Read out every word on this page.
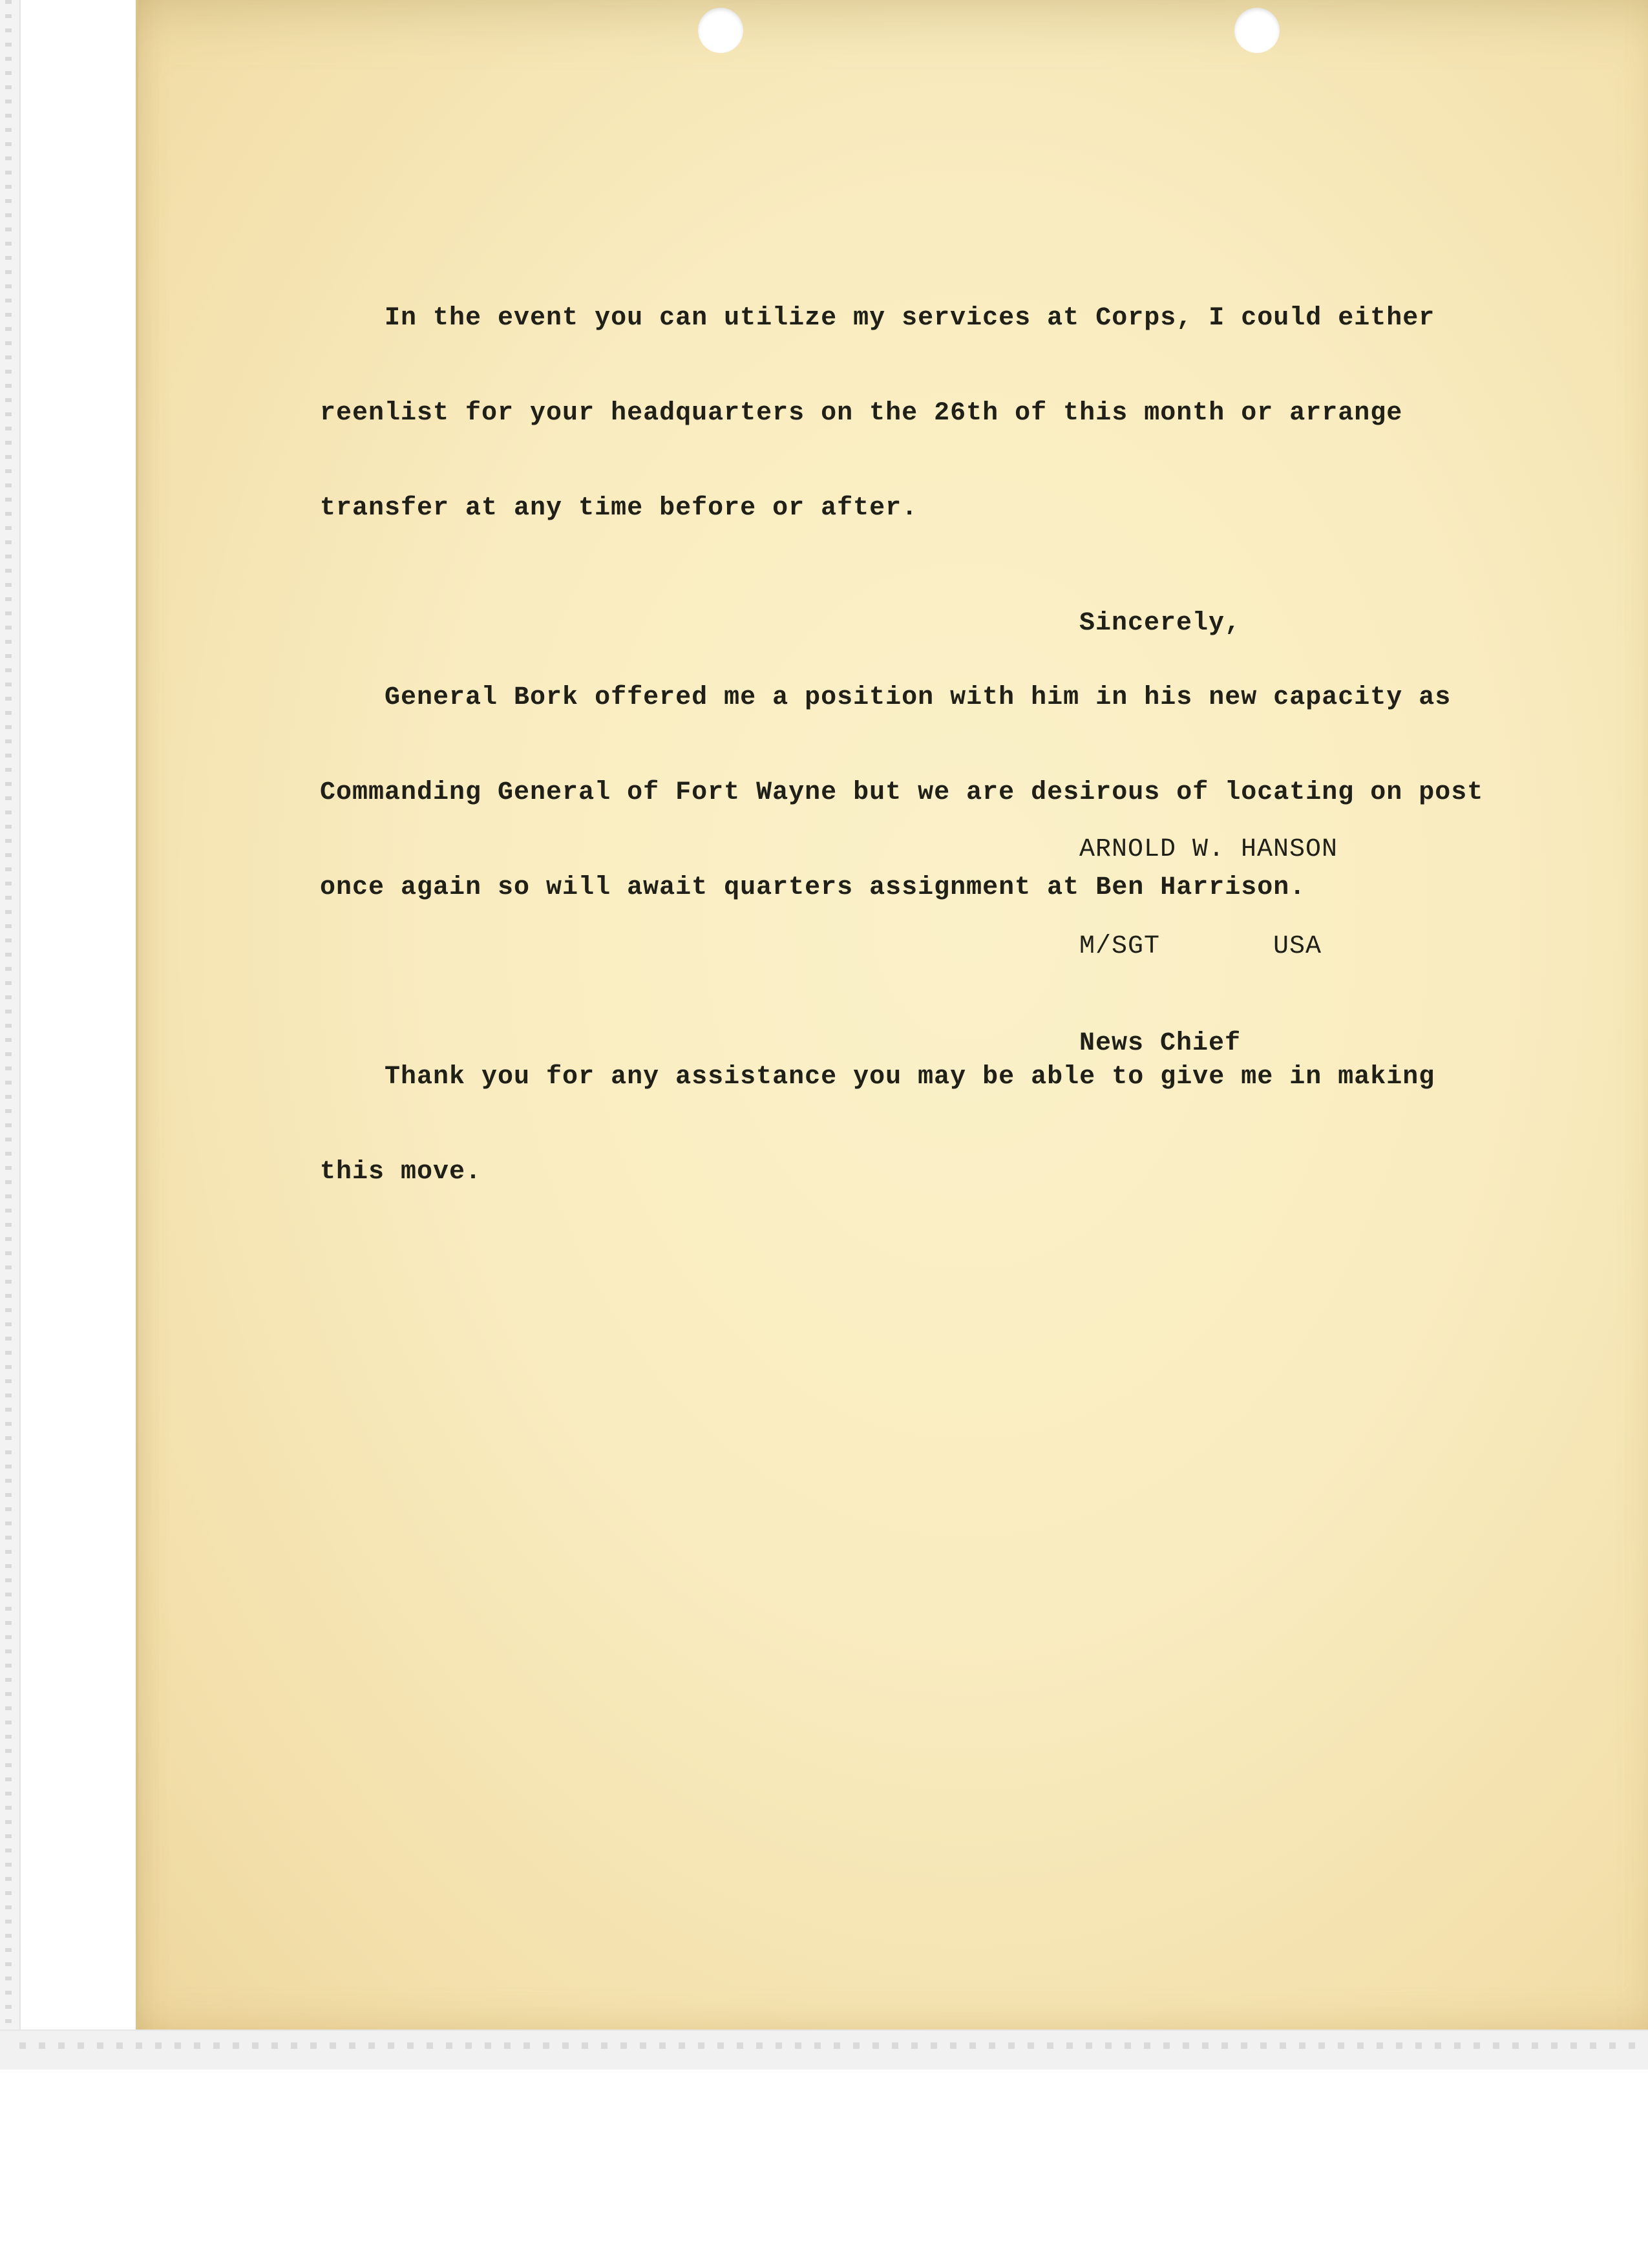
In the event you can utilize my services at Corps, I could either

reenlist for your headquarters on the 26th of this month or arrange

transfer at any time before or after.

General Bork offered me a position with him in his new capacity as

Commanding General of Fort Wayne but we are desirous of locating on post

once again so will await quarters assignment at Ben Harrison.

Thank you for any assistance you may be able to give me in making

this move.

Sincerely,

ARNOLD W. HANSON

M/SGT       USA

News Chief
